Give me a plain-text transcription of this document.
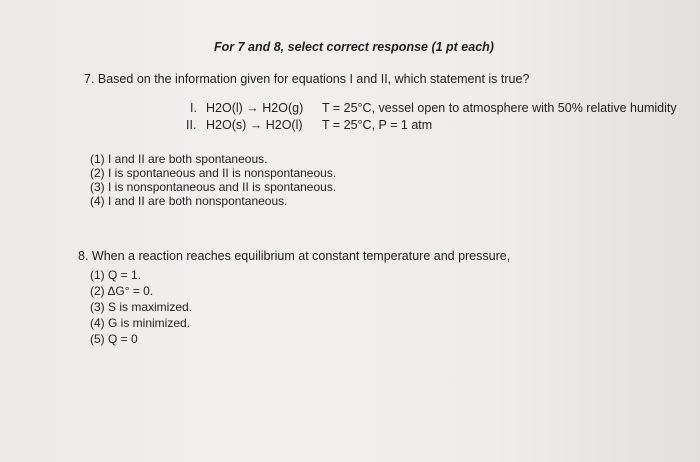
For 7 and 8, select correct response (1 pt each)
7. Based on the information given for equations I and II, which statement is true?
I. H2O(l) → H2O(g) T = 25°C, vessel open to atmosphere with 50% relative humidity
II. H2O(s) → H2O(l) T = 25°C, P = 1 atm
(1) I and II are both spontaneous.
(2) I is spontaneous and II is nonspontaneous.
(3) I is nonspontaneous and II is spontaneous.
(4) I and II are both nonspontaneous.
8. When a reaction reaches equilibrium at constant temperature and pressure,
(1) Q = 1.
(2) ΔG° = 0.
(3) S is maximized.
(4) G is minimized.
(5) Q = 0
